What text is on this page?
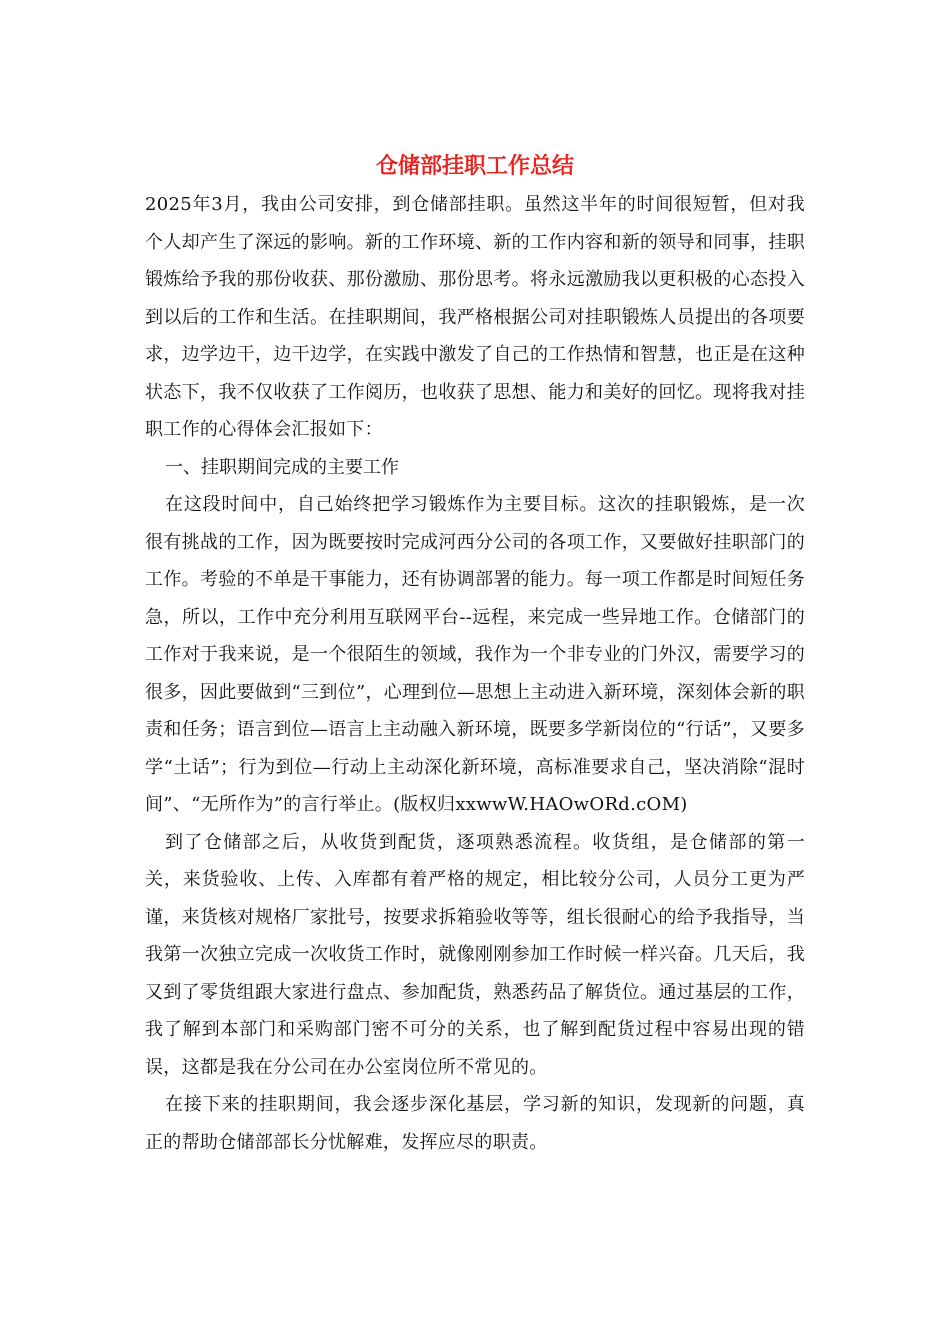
仓储部挂职工作总结

2025年3月，我由公司安排，到仓储部挂职。虽然这半年的时间很短暂，但对我个人却产生了深远的影响。新的工作环境、新的工作内容和新的领导和同事，挂职锻炼给予我的那份收获、那份激励、那份思考。将永远激励我以更积极的心态投入到以后的工作和生活。在挂职期间，我严格根据公司对挂职锻炼人员提出的各项要求，边学边干，边干边学，在实践中激发了自己的工作热情和智慧，也正是在这种状态下，我不仅收获了工作阅历，也收获了思想、能力和美好的回忆。现将我对挂职工作的心得体会汇报如下：

一、挂职期间完成的主要工作

在这段时间中，自己始终把学习锻炼作为主要目标。这次的挂职锻炼，是一次很有挑战的工作，因为既要按时完成河西分公司的各项工作，又要做好挂职部门的工作。考验的不单是干事能力，还有协调部署的能力。每一项工作都是时间短任务急，所以，工作中充分利用互联网平台--远程，来完成一些异地工作。仓储部门的工作对于我来说，是一个很陌生的领域，我作为一个非专业的门外汉，需要学习的很多，因此要做到“三到位”，心理到位—思想上主动进入新环境，深刻体会新的职责和任务；语言到位—语言上主动融入新环境，既要多学新岗位的“行话”，又要多学“土话”；行为到位—行动上主动深化新环境，高标准要求自己，坚决消除“混时间”、“无所作为”的言行举止。(版权归xxwwW.HAOwORd.cOM)

到了仓储部之后，从收货到配货，逐项熟悉流程。收货组，是仓储部的第一关，来货验收、上传、入库都有着严格的规定，相比较分公司，人员分工更为严谨，来货核对规格厂家批号，按要求拆箱验收等等，组长很耐心的给予我指导，当我第一次独立完成一次收货工作时，就像刚刚参加工作时候一样兴奋。几天后，我又到了零货组跟大家进行盘点、参加配货，熟悉药品了解货位。通过基层的工作，我了解到本部门和采购部门密不可分的关系，也了解到配货过程中容易出现的错误，这都是我在分公司在办公室岗位所不常见的。

在接下来的挂职期间，我会逐步深化基层，学习新的知识，发现新的问题，真正的帮助仓储部部长分忧解难，发挥应尽的职责。
